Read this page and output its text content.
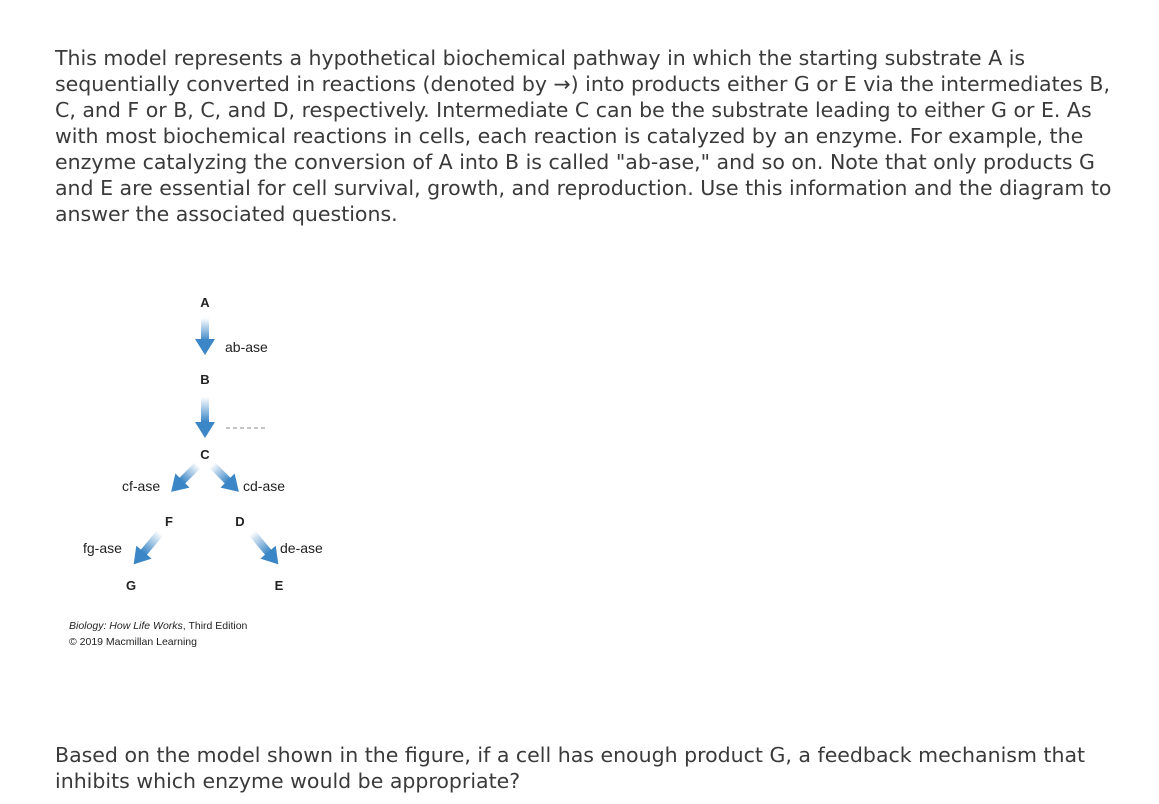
This model represents a hypothetical biochemical pathway in which the starting substrate A is sequentially converted in reactions (denoted by →) into products either G or E via the intermediates B, C, and F or B, C, and D, respectively. Intermediate C can be the substrate leading to either G or E. As with most biochemical reactions in cells, each reaction is catalyzed by an enzyme. For example, the enzyme catalyzing the conversion of A into B is called "ab-ase," and so on. Note that only products G and E are essential for cell survival, growth, and reproduction. Use this information and the diagram to answer the associated questions.

A
B
C
F	D
G	E
ab-ase
cf-ase	cd-ase
fg-ase	de-ase
Biology: How Life Works, Third Edition
© 2019 Macmillan Learning

Based on the model shown in the figure, if a cell has enough product G, a feedback mechanism that inhibits which enzyme would be appropriate?
